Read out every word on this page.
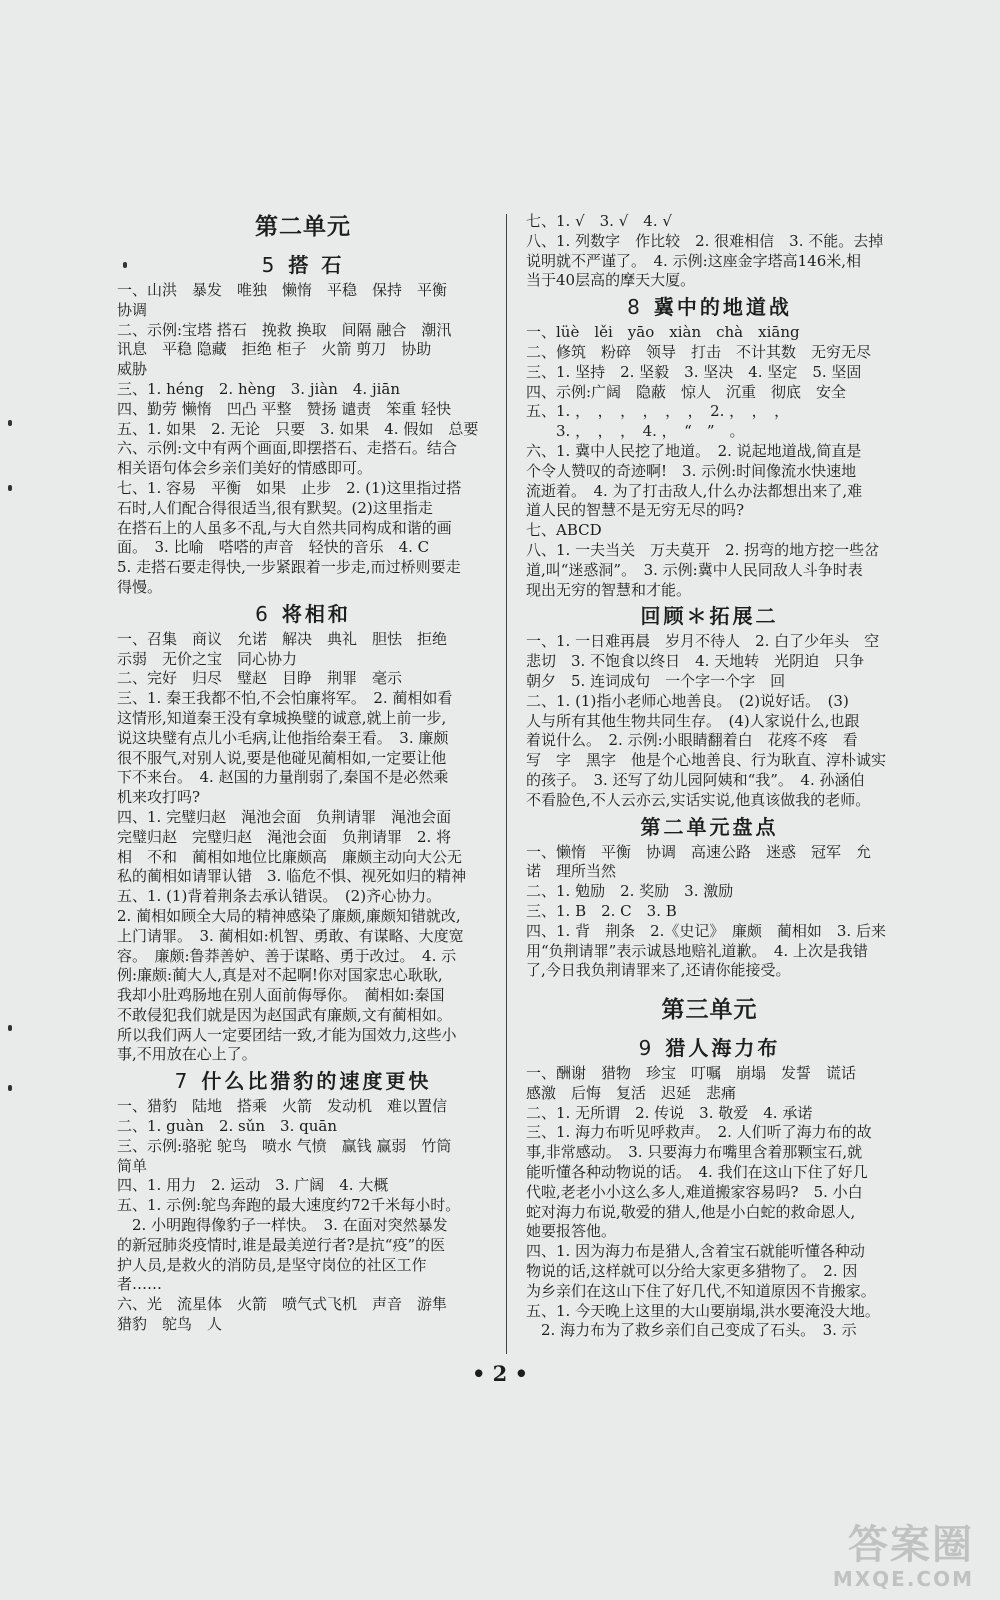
第二单元
5 搭 石
一、山洪　暴发　唯独　懒惰　平稳　保持　平衡
协调
二、示例:宝塔 搭石　挽救 换取　间隔 融合　潮汛
讯息　平稳 隐藏　拒绝 柜子　火箭 剪刀　协助
威胁
三、1. héng　2. hèng　3. jiàn　4. jiān
四、勤劳 懒惰　凹凸 平整　赞扬 谴责　笨重 轻快
五、1. 如果　2. 无论　只要　3. 如果　4. 假如　总要
六、示例:文中有两个画面,即摆搭石、走搭石。结合
相关语句体会乡亲们美好的情感即可。
七、1. 容易　平衡　如果　止步　2. (1)这里指过搭
石时,人们配合得很适当,很有默契。(2)这里指走
在搭石上的人虽多不乱,与大自然共同构成和谐的画
面。　3. 比喻　嗒嗒的声音　轻快的音乐　4. C
5. 走搭石要走得快,一步紧跟着一步走,而过桥则要走
得慢。
6 将相和
一、召集　商议　允诺　解决　典礼　胆怯　拒绝
示弱　无价之宝　同心协力
二、完好　归尽　璧赵　目睁　荆罪　毫示
三、1. 秦王我都不怕,不会怕廉将军。　2. 蔺相如看
这情形,知道秦王没有拿城换璧的诚意,就上前一步,
说这块璧有点儿小毛病,让他指给秦王看。　3. 廉颇
很不服气,对别人说,要是他碰见蔺相如,一定要让他
下不来台。　4. 赵国的力量削弱了,秦国不是必然乘
机来攻打吗?
四、1. 完璧归赵　渑池会面　负荆请罪　渑池会面
完璧归赵　完璧归赵　渑池会面　负荆请罪　2. 将
相　不和　蔺相如地位比廉颇高　廉颇主动向大公无
私的蔺相如请罪认错　3. 临危不惧、视死如归的精神
五、1. (1)背着荆条去承认错误。　(2)齐心协力。
2. 蔺相如顾全大局的精神感染了廉颇,廉颇知错就改,
上门请罪。　3. 蔺相如:机智、勇敢、有谋略、大度宽
容。　廉颇:鲁莽善妒、善于谋略、勇于改过。　4. 示
例:廉颇:蔺大人,真是对不起啊!你对国家忠心耿耿,
我却小肚鸡肠地在别人面前侮辱你。　蔺相如:秦国
不敢侵犯我们就是因为赵国武有廉颇,文有蔺相如。
所以我们两人一定要团结一致,才能为国效力,这些小
事,不用放在心上了。
7 什么比猎豹的速度更快
一、猎豹　陆地　搭乘　火箭　发动机　难以置信
二、1. guàn　2. sǔn　3. quān
三、示例:骆驼 鸵鸟　喷水 气愤　赢钱 赢弱　竹筒
简单
四、1. 用力　2. 运动　3. 广阔　4. 大概
五、1. 示例:鸵鸟奔跑的最大速度约72千米每小时。
　2. 小明跑得像豹子一样快。　3. 在面对突然暴发
的新冠肺炎疫情时,谁是最美逆行者?是抗“疫”的医
护人员,是救火的消防员,是坚守岗位的社区工作
者……
六、光　流星体　火箭　喷气式飞机　声音　游隼
猎豹　鸵鸟　人
七、1. √　3. √　4. √
八、1. 列数字　作比较　2. 很难相信　3. 不能。去掉
说明就不严谨了。　4. 示例:这座金字塔高146米,相
当于40层高的摩天大厦。
8 冀中的地道战
一、lüè　lěi　yāo　xiàn　chà　xiāng
二、修筑　粉碎　领导　打击　不计其数　无穷无尽
三、1. 坚持　2. 坚毅　3. 坚决　4. 坚定　5. 坚固
四、示例:广阔　隐蔽　惊人　沉重　彻底　安全
五、1. ，　，　，　，　，　，　2. ，　，　，
　　3. ，　，　，　4. ，　“　”　。
六、1. 冀中人民挖了地道。　2. 说起地道战,简直是
个令人赞叹的奇迹啊!　3. 示例:时间像流水快速地
流逝着。　4. 为了打击敌人,什么办法都想出来了,难
道人民的智慧不是无穷无尽的吗?
七、ABCD
八、1. 一夫当关　万夫莫开　2. 拐弯的地方挖一些岔
道,叫“迷惑洞”。　3. 示例:冀中人民同敌人斗争时表
现出无穷的智慧和才能。
回顾＊拓展二
一、1. 一日难再晨　岁月不待人　2. 白了少年头　空
悲切　3. 不饱食以终日　4. 天地转　光阴迫　只争
朝夕　5. 连词成句　一个字一个字　回
二、1. (1)指小老师心地善良。　(2)说好话。　(3)
人与所有其他生物共同生存。　(4)人家说什么,也跟
着说什么。　2. 示例:小眼睛翻着白　花疼不疼　看
写　字　黑字　他是个心地善良、行为耿直、淳朴诚实
的孩子。　3. 还写了幼儿园阿姨和“我”。　4. 孙涵伯
不看脸色,不人云亦云,实话实说,他真该做我的老师。
第二单元盘点
一、懒惰　平衡　协调　高速公路　迷惑　冠军　允
诺　理所当然
二、1. 勉励　2. 奖励　3. 激励
三、1. B　2. C　3. B
四、1. 背　荆条　2.《史记》　廉颇　蔺相如　3. 后来
用“负荆请罪”表示诚恳地赔礼道歉。　4. 上次是我错
了,今日我负荆请罪来了,还请你能接受。
第三单元
9 猎人海力布
一、酬谢　猎物　珍宝　叮嘱　崩塌　发誓　谎话
感激　后悔　复活　迟延　悲痛
二、1. 无所谓　2. 传说　3. 敬爱　4. 承诺
三、1. 海力布听见呼救声。　2. 人们听了海力布的故
事,非常感动。　3. 只要海力布嘴里含着那颗宝石,就
能听懂各种动物说的话。　4. 我们在这山下住了好几
代啦,老老小小这么多人,难道搬家容易吗?　5. 小白
蛇对海力布说,敬爱的猎人,他是小白蛇的救命恩人,
她要报答他。
四、1. 因为海力布是猎人,含着宝石就能听懂各种动
物说的话,这样就可以分给大家更多猎物了。　2. 因
为乡亲们在这山下住了好几代,不知道原因不肯搬家。
五、1. 今天晚上这里的大山要崩塌,洪水要淹没大地。
　2. 海力布为了救乡亲们自己变成了石头。　3. 示
• 2 •
答案圈
MXQE.COM
